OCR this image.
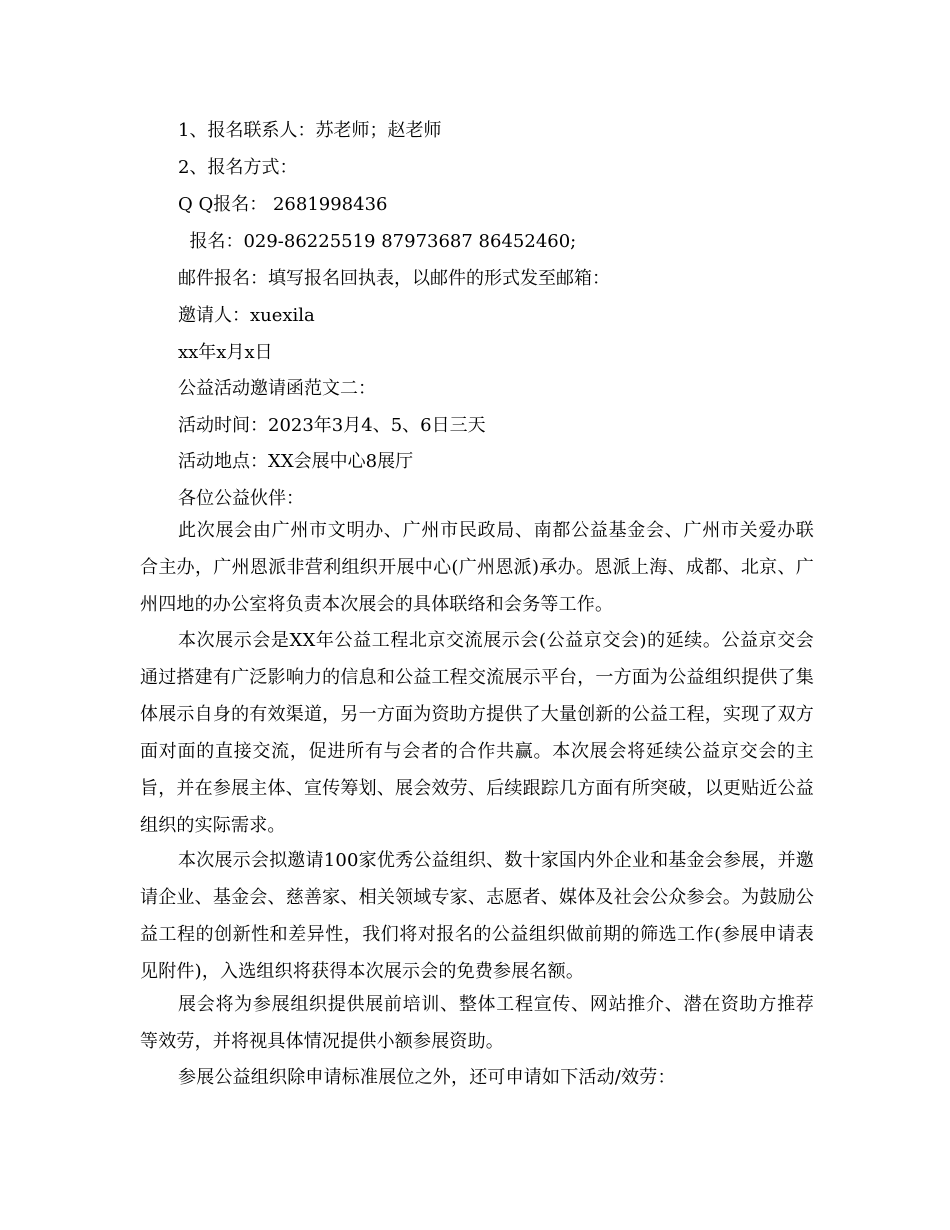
1、报名联系人：苏老师；赵老师
2、报名方式：
Q Q报名： 2681998436
报名：029-86225519 87973687 86452460;
邮件报名：填写报名回执表，以邮件的形式发至邮箱：
邀请人：xuexila
xx年x月x日
公益活动邀请函范文二：
活动时间：2023年3月4、5、6日三天
活动地点：XX会展中心8展厅
各位公益伙伴：

此次展会由广州市文明办、广州市民政局、南都公益基金会、广州市关爱办联合主办，广州恩派非营利组织开展中心(广州恩派)承办。恩派上海、成都、北京、广州四地的办公室将负责本次展会的具体联络和会务等工作。

本次展示会是XX年公益工程北京交流展示会(公益京交会)的延续。公益京交会通过搭建有广泛影响力的信息和公益工程交流展示平台，一方面为公益组织提供了集体展示自身的有效渠道，另一方面为资助方提供了大量创新的公益工程，实现了双方面对面的直接交流，促进所有与会者的合作共赢。本次展会将延续公益京交会的主旨，并在参展主体、宣传筹划、展会效劳、后续跟踪几方面有所突破，以更贴近公益组织的实际需求。

本次展示会拟邀请100家优秀公益组织、数十家国内外企业和基金会参展，并邀请企业、基金会、慈善家、相关领域专家、志愿者、媒体及社会公众参会。为鼓励公益工程的创新性和差异性，我们将对报名的公益组织做前期的筛选工作(参展申请表见附件)，入选组织将获得本次展示会的免费参展名额。

展会将为参展组织提供展前培训、整体工程宣传、网站推介、潜在资助方推荐等效劳，并将视具体情况提供小额参展资助。

参展公益组织除申请标准展位之外，还可申请如下活动/效劳：
